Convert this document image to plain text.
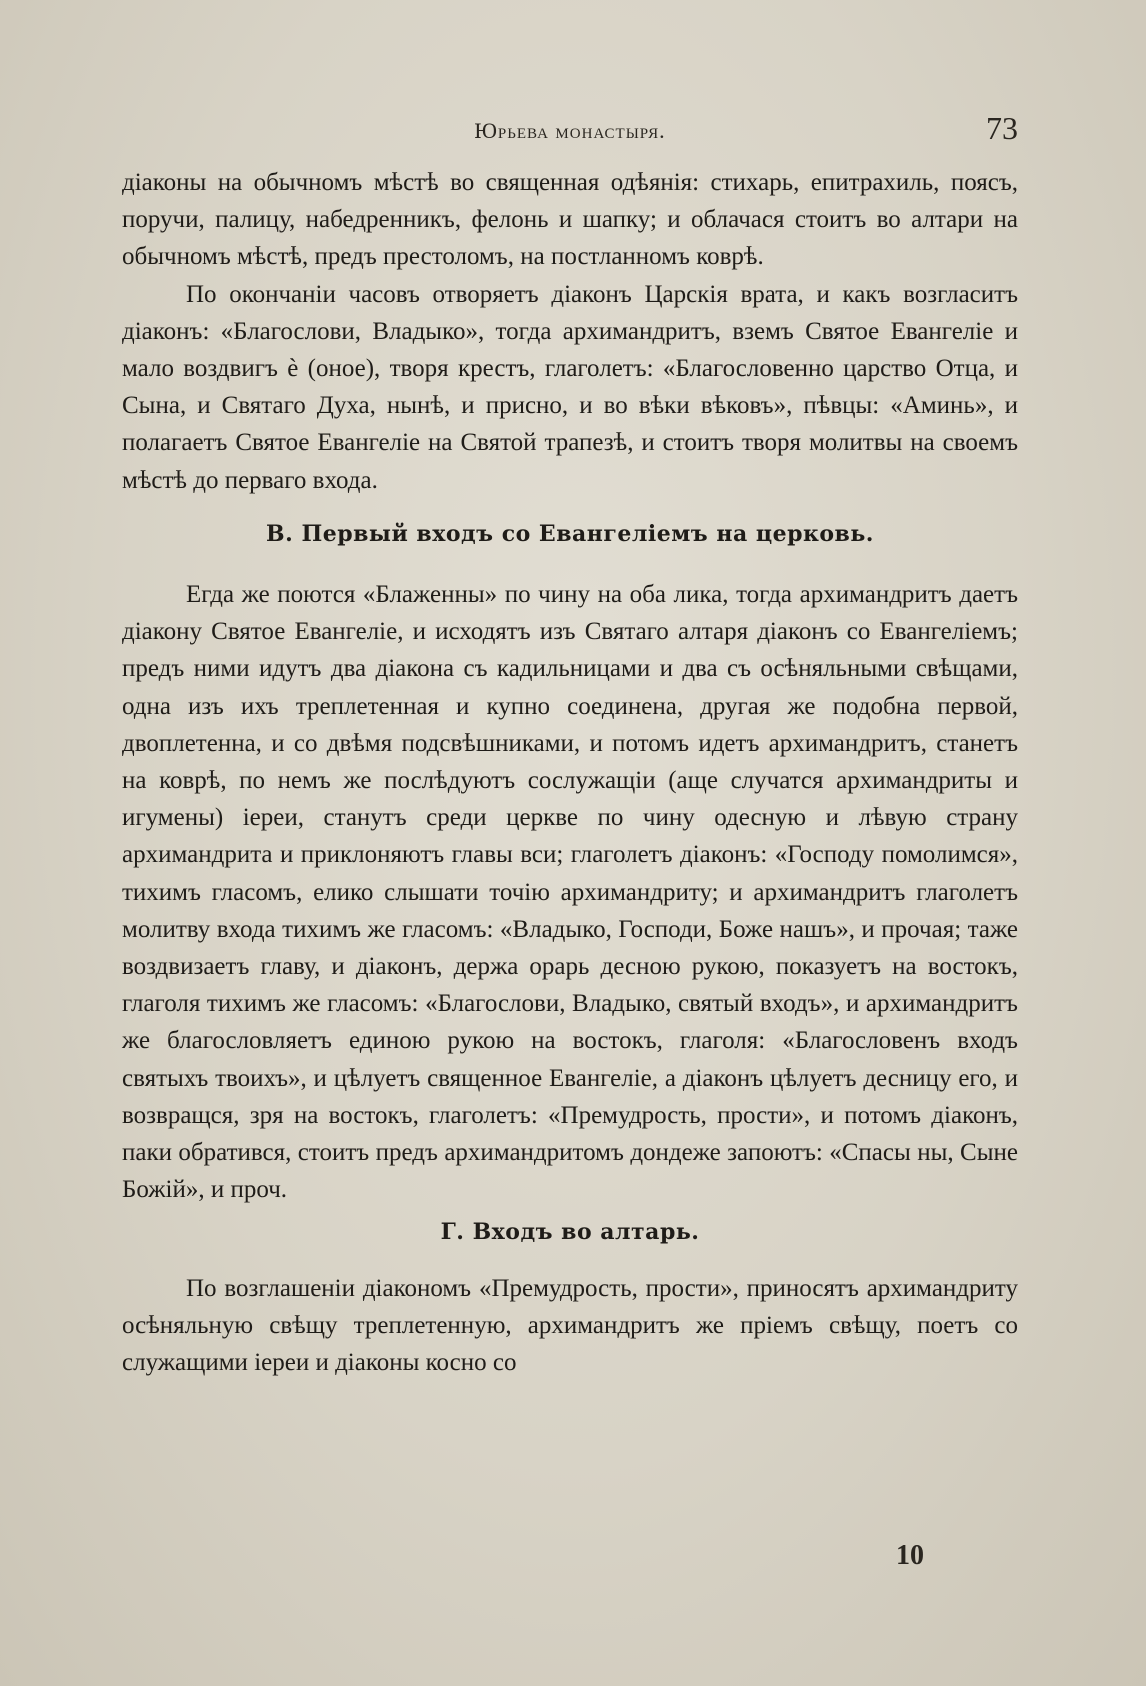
Юрьева монастыря.	73

діаконы на обычномъ мѣстѣ во священная одѣянія: стихарь, епитрахиль, поясъ, поручи, палицу, набедренникъ, фелонь и шапку; и облачася стоитъ во алтари на обычномъ мѣстѣ, предъ престоломъ, на постланномъ коврѣ.

По окончаніи часовъ отворяетъ діаконъ Царскія врата, и какъ возгласитъ діаконъ: «Благослови, Владыко», тогда архимандритъ, вземъ Святое Евангеліе и мало воздвигъ ѐ (оное), творя крестъ, глаголетъ: «Благословенно царство Отца, и Сына, и Святаго Духа, нынѣ, и присно, и во вѣки вѣковъ», пѣвцы: «Аминь», и полагаетъ Святое Евангеліе на Святой трапезѣ, и стоитъ творя молитвы на своемъ мѣстѣ до перваго входа.

В. Первый входъ со Евангеліемъ на церковь.

Егда же поются «Блаженны» по чину на оба лика, тогда архимандритъ даетъ діакону Святое Евангеліе, и исходятъ изъ Святаго алтаря діаконъ со Евангеліемъ; предъ ними идутъ два діакона съ кадильницами и два съ осѣняльными свѣщами, одна изъ ихъ треплетенная и купно соединена, другая же подобна первой, двоплетенна, и со двѣмя подсвѣшниками, и потомъ идетъ архимандритъ, станетъ на коврѣ, по немъ же послѣдуютъ сослужащіи (аще случатся архимандриты и игумены) іереи, станутъ среди церкве по чину одесную и лѣвую страну архимандрита и приклоняютъ главы вси; глаголетъ діаконъ: «Господу помолимся», тихимъ гласомъ, елико слышати точію архимандриту; и архимандритъ глаголетъ молитву входа тихимъ же гласомъ: «Владыко, Господи, Боже нашъ», и прочая; таже воздвизаетъ главу, и діаконъ, держа орарь десною рукою, показуетъ на востокъ, глаголя тихимъ же гласомъ: «Благослови, Владыко, святый входъ», и архимандритъ же благословляетъ единою рукою на востокъ, глаголя: «Благословенъ входъ святыхъ твоихъ», и цѣлуетъ священное Евангеліе, а діаконъ цѣлуетъ десницу его, и возвращся, зря на востокъ, глаголетъ: «Премудрость, прости», и потомъ діаконъ, паки обратився, стоитъ предъ архимандритомъ дондеже запоютъ: «Спасы ны, Сыне Божій», и проч.

Г. Входъ во алтарь.

По возглашеніи діакономъ «Премудрость, прости», приносятъ архимандриту осѣняльную свѣщу треплетенную, архимандритъ же пріемъ свѣщу, поетъ со служащими іереи и діаконы косно со

10
